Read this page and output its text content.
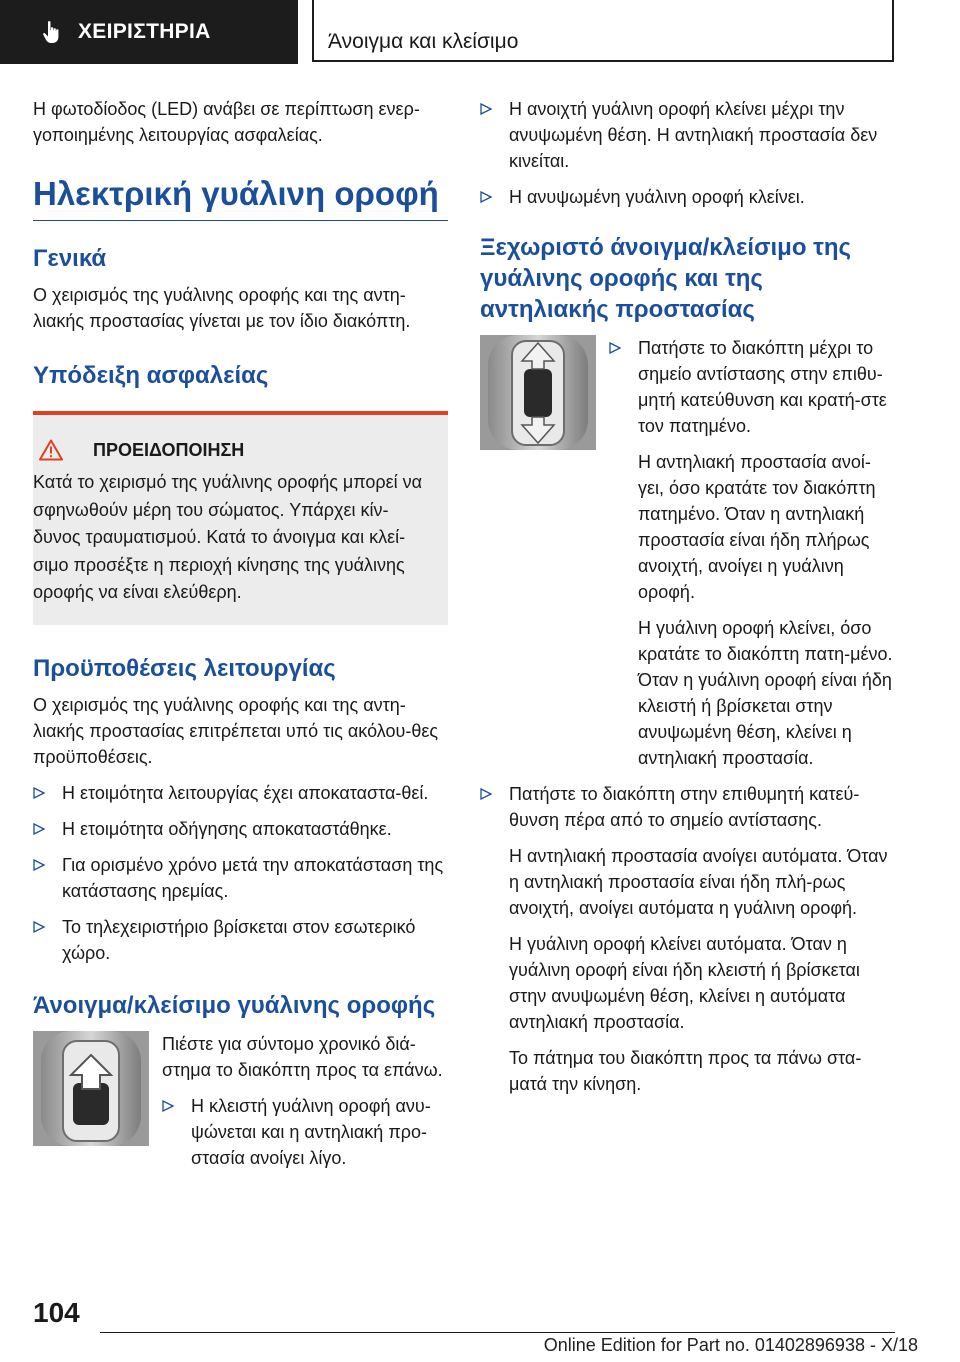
ΧΕΙΡΙΣΤΗΡΙΑ	Άνοιγμα και κλείσιμο

Η φωτοδίοδος (LED) ανάβει σε περίπτωση ενερ‐γοποιημένης λειτουργίας ασφαλείας.

Ηλεκτρική γυάλινη οροφή
Γενικά

Ο χειρισμός της γυάλινης οροφής και της αντη‐λιακής προστασίας γίνεται με τον ίδιο διακόπτη.

Υπόδειξη ασφαλείας
ΠΡΟΕΙΔΟΠΟΙΗΣΗ

Κατά το χειρισμό της γυάλινης οροφής μπορεί να σφηνωθούν μέρη του σώματος. Υπάρχει κίν‐δυνος τραυματισμού. Κατά το άνοιγμα και κλεί‐σιμο προσέξτε η περιοχή κίνησης της γυάλινης οροφής να είναι ελεύθερη.

Προϋποθέσεις λειτουργίας

Ο χειρισμός της γυάλινης οροφής και της αντη‐λιακής προστασίας επιτρέπεται υπό τις ακόλου‐θες προϋποθέσεις.

Η ετοιμότητα λειτουργίας έχει αποκαταστα‐θεί.
Η ετοιμότητα οδήγησης αποκαταστάθηκε.
Για ορισμένο χρόνο μετά την αποκατάσταση της κατάστασης ηρεμίας.
Το τηλεχειριστήριο βρίσκεται στον εσωτερικό χώρο.
Άνοιγμα/κλείσιμο γυάλινης οροφής

Πιέστε για σύντομο χρονικό διά‐στημα το διακόπτη προς τα επάνω.

Η κλειστή γυάλινη οροφή ανυ‐ψώνεται και η αντηλιακή προ‐στασία ανοίγει λίγο.
Η ανοιχτή γυάλινη οροφή κλείνει μέχρι την ανυψωμένη θέση. Η αντηλιακή προστασία δεν κινείται.
Η ανυψωμένη γυάλινη οροφή κλείνει.
Ξεχωριστό άνοιγμα/κλείσιμο της γυάλινης οροφής και της αντηλιακής προστασίας
Πατήστε το διακόπτη μέχρι το σημείο αντίστασης στην επιθυ‐μητή κατεύθυνση και κρατή‐στε τον πατημένο.

Η αντηλιακή προστασία ανοί‐γει, όσο κρατάτε τον διακόπτη πατημένο. Όταν η αντηλιακή προστασία είναι ήδη πλήρως ανοιχτή, ανοίγει η γυάλινη οροφή.

Η γυάλινη οροφή κλείνει, όσο κρατάτε το διακόπτη πατη‐μένο. Όταν η γυάλινη οροφή είναι ήδη κλειστή ή βρίσκεται στην ανυψωμένη θέση, κλείνει η αντηλιακή προστασία.

Πατήστε το διακόπτη στην επιθυμητή κατεύ‐θυνση πέρα από το σημείο αντίστασης.

Η αντηλιακή προστασία ανοίγει αυτόματα. Όταν η αντηλιακή προστασία είναι ήδη πλή‐ρως ανοιχτή, ανοίγει αυτόματα η γυάλινη οροφή.

Η γυάλινη οροφή κλείνει αυτόματα. Όταν η γυάλινη οροφή είναι ήδη κλειστή ή βρίσκεται στην ανυψωμένη θέση, κλείνει η αυτόματα αντηλιακή προστασία.

Το πάτημα του διακόπτη προς τα πάνω στα‐ματά την κίνηση.

104
Online Edition for Part no. 01402896938 - X/18
